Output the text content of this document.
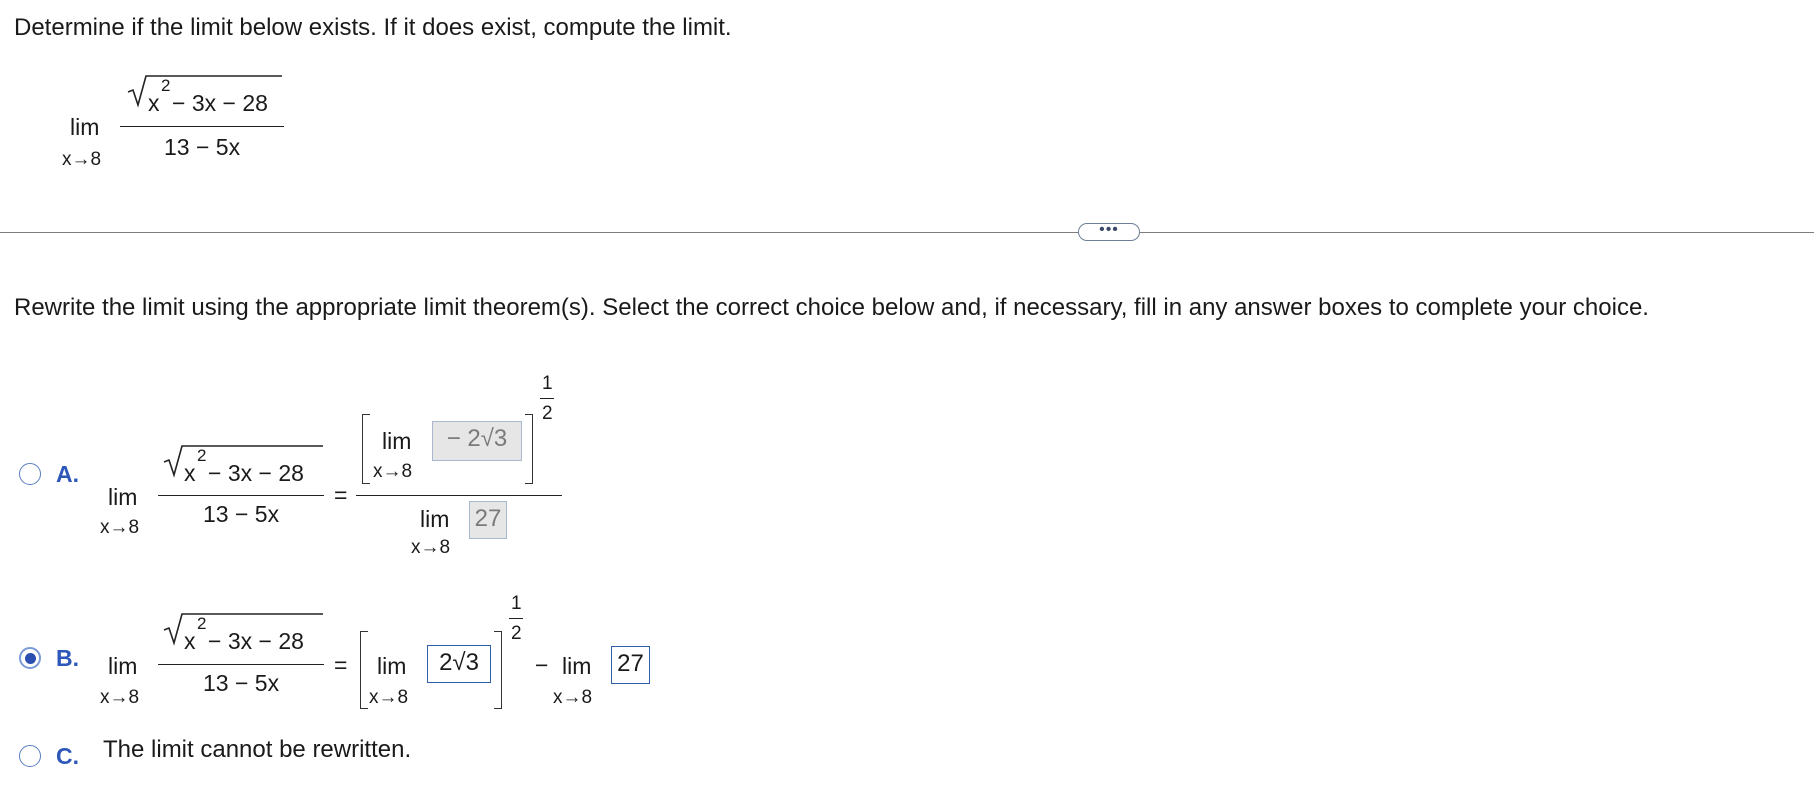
Determine if the limit below exists. If it does exist, compute the limit.
lim
x→8
x
2
− 3x − 28
13 − 5x
•••
Rewrite the limit using the appropriate limit theorem(s). Select the correct choice below and, if necessary, fill in any answer boxes to complete your choice.
A.
lim
x→8
x
2
− 3x − 28
13 − 5x
=
lim
x→8
− 2√3
1
2
lim
x→8
27
B. lim
x→8
x
2
− 3x − 28
13 − 5x
= lim
x→8
2√3
1
2
− lim
x→8
27
C. The limit cannot be rewritten.
